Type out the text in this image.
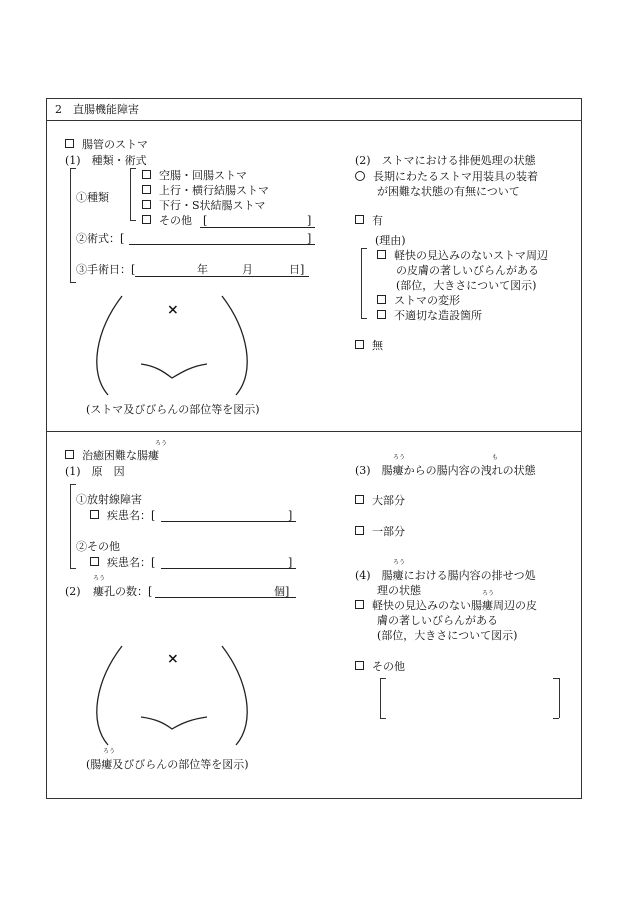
2　直腸機能障害
腸管のストマ
(1)　種類・術式
①種類
空腸・回腸ストマ
上行・横行結腸ストマ
下行・S状結腸ストマ
その他 [	]
②術式：[	]
③手術日：[	年	月	日]
×
(ストマ及びびらんの部位等を図示)
(2)　ストマにおける排便処理の状態
長期にわたるストマ用装具の装着
が困難な状態の有無について
有
(理由)
軽快の見込みのないストマ周辺
の皮膚の著しいびらんがある
(部位，大きさについて図示)
ストマの変形
不適切な造設箇所
無
ろう
治癒困難な腸瘻
(1)　原　因
①放射線障害
疾患名：[	]
②その他
疾患名：[	]
ろう
(2) 瘻孔の数：[	個]
×
ろう
(腸瘻及びびらんの部位等を図示)
ろう	も
(3)　腸瘻からの腸内容の洩れの状態
大部分
一部分
ろう
(4)　腸瘻における腸内容の排せつ処
理の状態	ろう
軽快の見込みのない腸瘻周辺の皮
膚の著しいびらんがある
(部位，大きさについて図示)
その他
